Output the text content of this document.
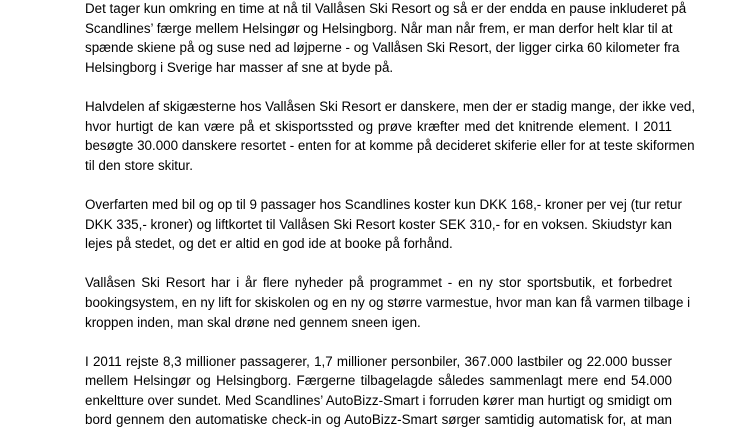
Det tager kun omkring en time at nå til Vallåsen Ski Resort og så er der endda en pause inkluderet på
Scandlines’ færge mellem Helsingør og Helsingborg. Når man når frem, er man derfor helt klar til at
spænde skiene på og suse ned ad løjperne - og Vallåsen Ski Resort, der ligger cirka 60 kilometer fra
Helsingborg i Sverige har masser af sne at byde på.
Halvdelen af skigæsterne hos Vallåsen Ski Resort er danskere, men der er stadig mange, der ikke ved,
hvor hurtigt de kan være på et skisportssted og prøve kræfter med det knitrende element. I 2011
besøgte 30.000 danskere resortet - enten for at komme på decideret skiferie eller for at teste skiformen
til den store skitur.
Overfarten med bil og op til 9 passager hos Scandlines koster kun DKK 168,- kroner per vej (tur retur
DKK 335,- kroner) og liftkortet til Vallåsen Ski Resort koster SEK 310,- for en voksen. Skiudstyr kan
lejes på stedet, og det er altid en god ide at booke på forhånd.
Vallåsen Ski Resort har i år flere nyheder på programmet - en ny stor sportsbutik, et forbedret
bookingsystem, en ny lift for skiskolen og en ny og større varmestue, hvor man kan få varmen tilbage i
kroppen inden, man skal drøne ned gennem sneen igen.
I 2011 rejste 8,3 millioner passagerer, 1,7 millioner personbiler, 367.000 lastbiler og 22.000 busser
mellem Helsingør og Helsingborg. Færgerne tilbagelagde således sammenlagt mere end 54.000
enkeltture over sundet. Med Scandlines’ AutoBizz-Smart i forruden kører man hurtigt og smidigt om
bord gennem den automatiske check-in og AutoBizz-Smart sørger samtidig automatisk for, at man
